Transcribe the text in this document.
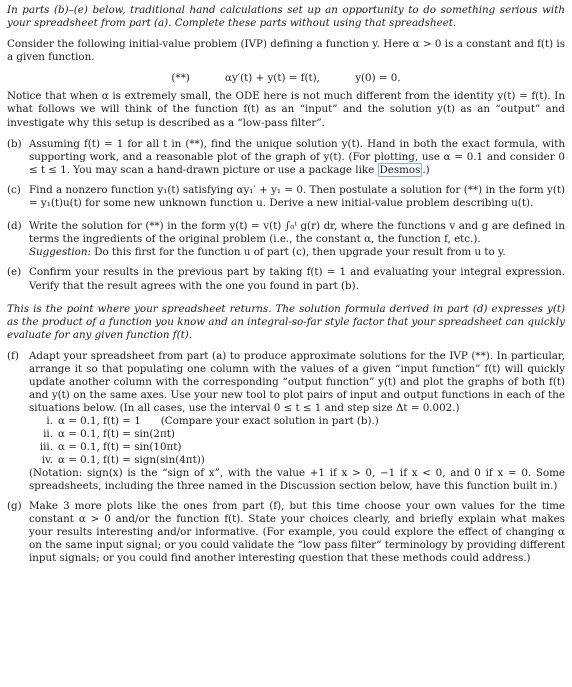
In parts (b)–(e) below, traditional hand calculations set up an opportunity to do something serious with your spreadsheet from part (a). Complete these parts without using that spreadsheet.

Consider the following initial-value problem (IVP) defining a function y. Here α > 0 is a constant and f(t) is a given function.

(**)	αy′(t) + y(t) = f(t),	y(0) = 0.

Notice that when α is extremely small, the ODE here is not much different from the identity y(t) = f(t). In what follows we will think of the function f(t) as an “input” and the solution y(t) as an “output” and investigate why this setup is described as a “low-pass filter”.

(b) Assuming f(t) = 1 for all t in (**), find the unique solution y(t). Hand in both the exact formula, with supporting work, and a reasonable plot of the graph of y(t). (For plotting, use α = 0.1 and consider 0 ≤ t ≤ 1. You may scan a hand-drawn picture or use a package like Desmos .)

(c) Find a nonzero function y₁(t) satisfying αy₁′ + y₁ = 0. Then postulate a solution for (**) in the form y(t) = y₁(t)u(t) for some new unknown function u. Derive a new initial-value problem describing u(t).

(d) Write the solution for (**) in the form y(t) = v(t) ∫₀ᵗ g(r) dr, where the functions v and g are defined in terms the ingredients of the original problem (i.e., the constant α, the function f, etc.).
Suggestion: Do this first for the function u of part (c), then upgrade your result from u to y.

(e) Confirm your results in the previous part by taking f(t) = 1 and evaluating your integral expression. Verify that the result agrees with the one you found in part (b).

This is the point where your spreadsheet returns. The solution formula derived in part (d) expresses y(t) as the product of a function you know and an integral-so-far style factor that your spreadsheet can quickly evaluate for any given function f(t).

(f) Adapt your spreadsheet from part (a) to produce approximate solutions for the IVP (**). In particular, arrange it so that populating one column with the values of a given “input function” f(t) will quickly update another column with the corresponding “output function” y(t) and plot the graphs of both f(t) and y(t) on the same axes. Use your new tool to plot pairs of input and output functions in each of the situations below. (In all cases, use the interval 0 ≤ t ≤ 1 and step size Δt = 0.002.)

i. α = 0.1, f(t) = 1 (Compare your exact solution in part (b).)
ii. α = 0.1, f(t) = sin(2πt)
iii. α = 0.1, f(t) = sin(10πt)
iv. α = 0.1, f(t) = sign(sin(4πt))

(Notation: sign(x) is the “sign of x”, with the value +1 if x > 0, −1 if x < 0, and 0 if x = 0. Some spreadsheets, including the three named in the Discussion section below, have this function built in.)

(g) Make 3 more plots like the ones from part (f), but this time choose your own values for the time constant α > 0 and/or the function f(t). State your choices clearly, and briefly explain what makes your results interesting and/or informative. (For example, you could explore the effect of changing α on the same input signal; or you could validate the “low pass filter” terminology by providing different input signals; or you could find another interesting question that these methods could address.)
